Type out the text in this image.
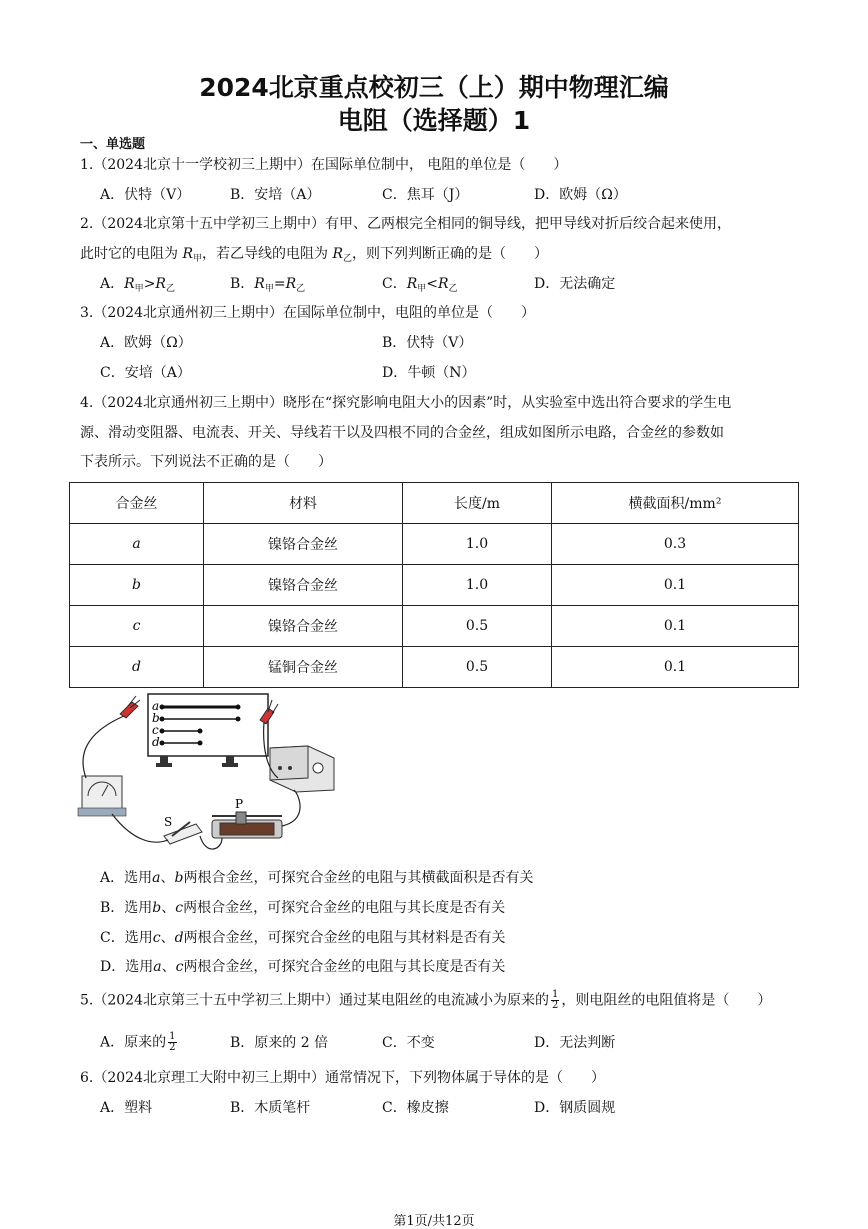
2024北京重点校初三（上）期中物理汇编
电阻（选择题）1
一、单选题
1.（2024北京十一学校初三上期中）在国际单位制中， 电阻的单位是（　　）
A．伏特（V）	B．安培（A）	C．焦耳（J）	D．欧姆（Ω）
2.（2024北京第十五中学初三上期中）有甲、乙两根完全相同的铜导线，把甲导线对折后绞合起来使用，
此时它的电阻为 $R_甲$，若乙导线的电阻为 $R_乙$，则下列判断正确的是（　　）
A．$R_甲>R_乙$	B．$R_甲=R_乙$	C．$R_甲<R_乙$	D．无法确定
3.（2024北京通州初三上期中）在国际单位制中，电阻的单位是（　　）
A．欧姆（Ω）	B．伏特（V）
C．安培（A）	D．牛顿（N）
4.（2024北京通州初三上期中）晓彤在“探究影响电阻大小的因素”时，从实验室中选出符合要求的学生电
源、滑动变阻器、电流表、开关、导线若干以及四根不同的合金丝，组成如图所示电路，合金丝的参数如
下表所示。下列说法不正确的是（　　）
合金丝	材料	长度/m	横截面积/mm²
a	镍铬合金丝	1.0	0.3
b	镍铬合金丝	1.0	0.1
c	镍铬合金丝	0.5	0.1
d	锰铜合金丝	0.5	0.1
a
b
c
d
P
S
A．选用a、b两根合金丝，可探究合金丝的电阻与其横截面积是否有关
B．选用b、c两根合金丝，可探究合金丝的电阻与其长度是否有关
C．选用c、d两根合金丝，可探究合金丝的电阻与其材料是否有关
D．选用a、c两根合金丝，可探究合金丝的电阻与其长度是否有关
5.（2024北京第三十五中学初三上期中）通过某电阻丝的电流减小为原来的 $\frac{1}{2}$ ，则电阻丝的电阻值将是（　　）
A．原来的 $\frac{1}{2}$	B．原来的 2 倍	C．不变	D．无法判断
6.（2024北京理工大附中初三上期中）通常情况下，下列物体属于导体的是（　　）
A．塑料	B．木质笔杆	C．橡皮擦	D．钢质圆规
第1页/共12页
